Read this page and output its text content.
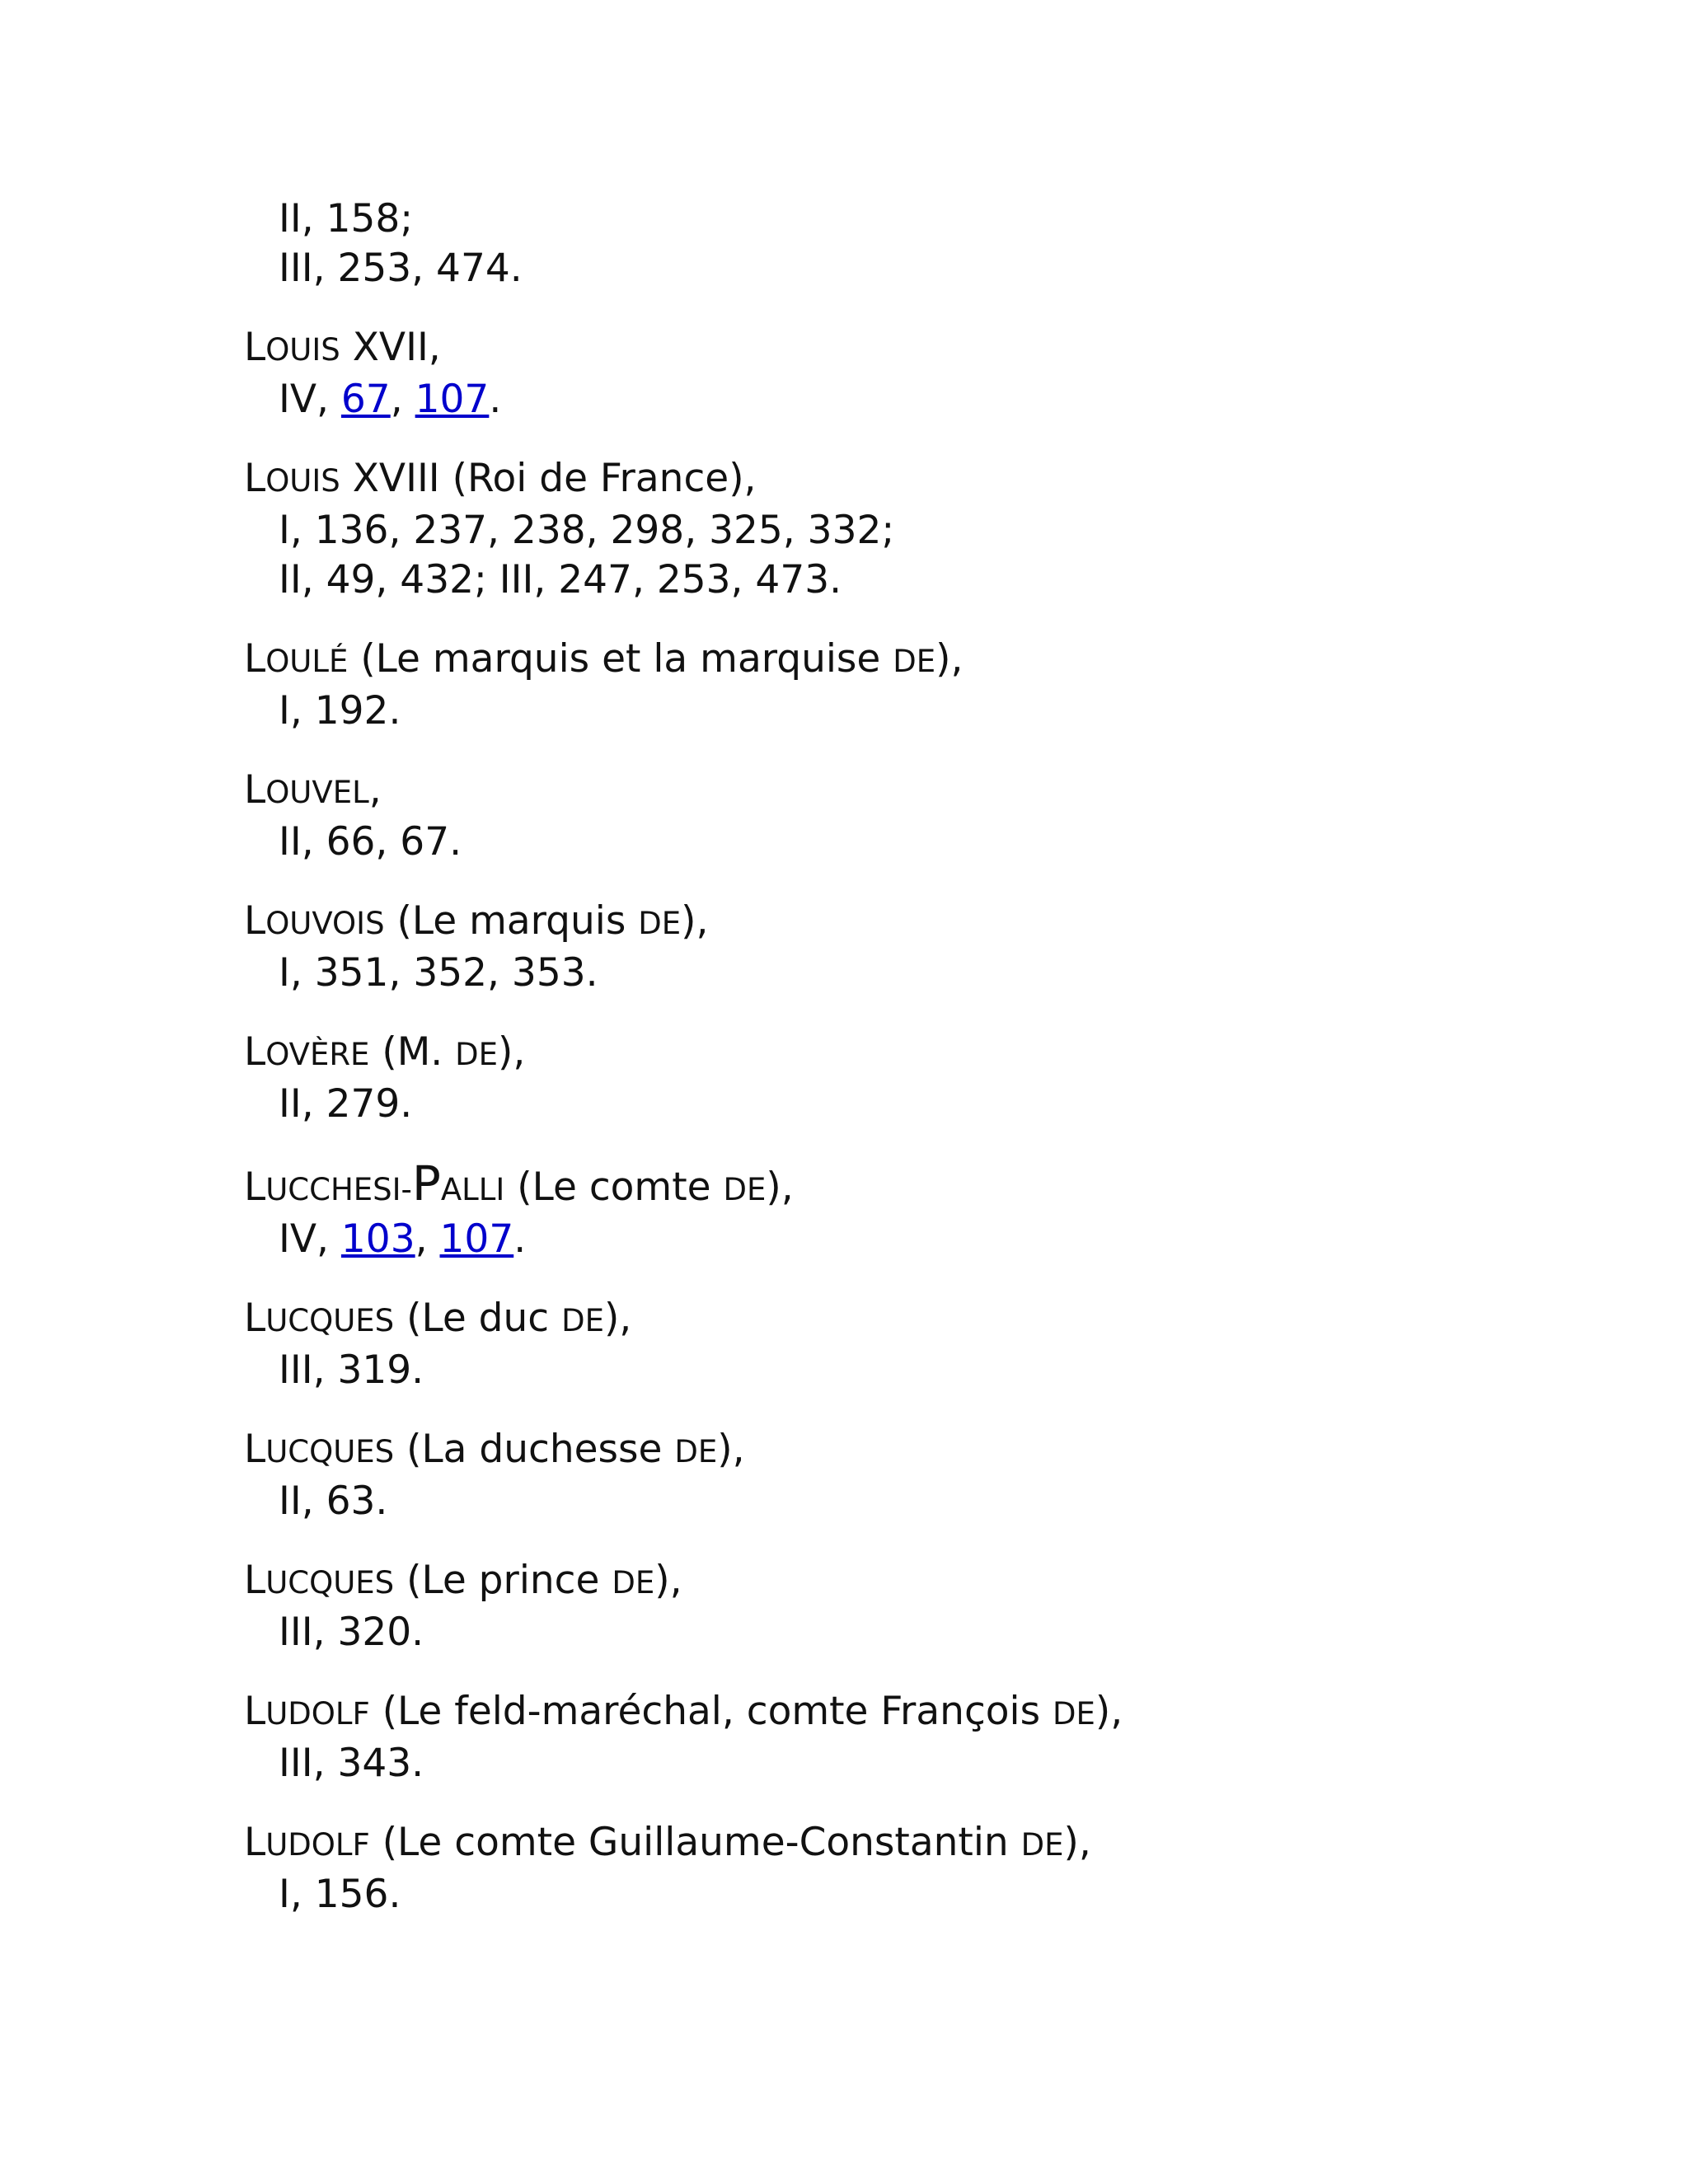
II, 158;
III, 253, 474.
LOUIS XVII,
IV, 67, 107.
LOUIS XVIII (Roi de France),
I, 136, 237, 238, 298, 325, 332;
II, 49, 432; III, 247, 253, 473.
LOULÉ (Le marquis et la marquise DE),
I, 192.
LOUVEL,
II, 66, 67.
LOUVOIS (Le marquis DE),
I, 351, 352, 353.
LOVÈRE (M. DE),
II, 279.
LUCCHESI-PALLI (Le comte DE),
IV, 103, 107.
LUCQUES (Le duc DE),
III, 319.
LUCQUES (La duchesse DE),
II, 63.
LUCQUES (Le prince DE),
III, 320.
LUDOLF (Le feld-maréchal, comte François DE),
III, 343.
LUDOLF (Le comte Guillaume-Constantin DE),
I, 156.
